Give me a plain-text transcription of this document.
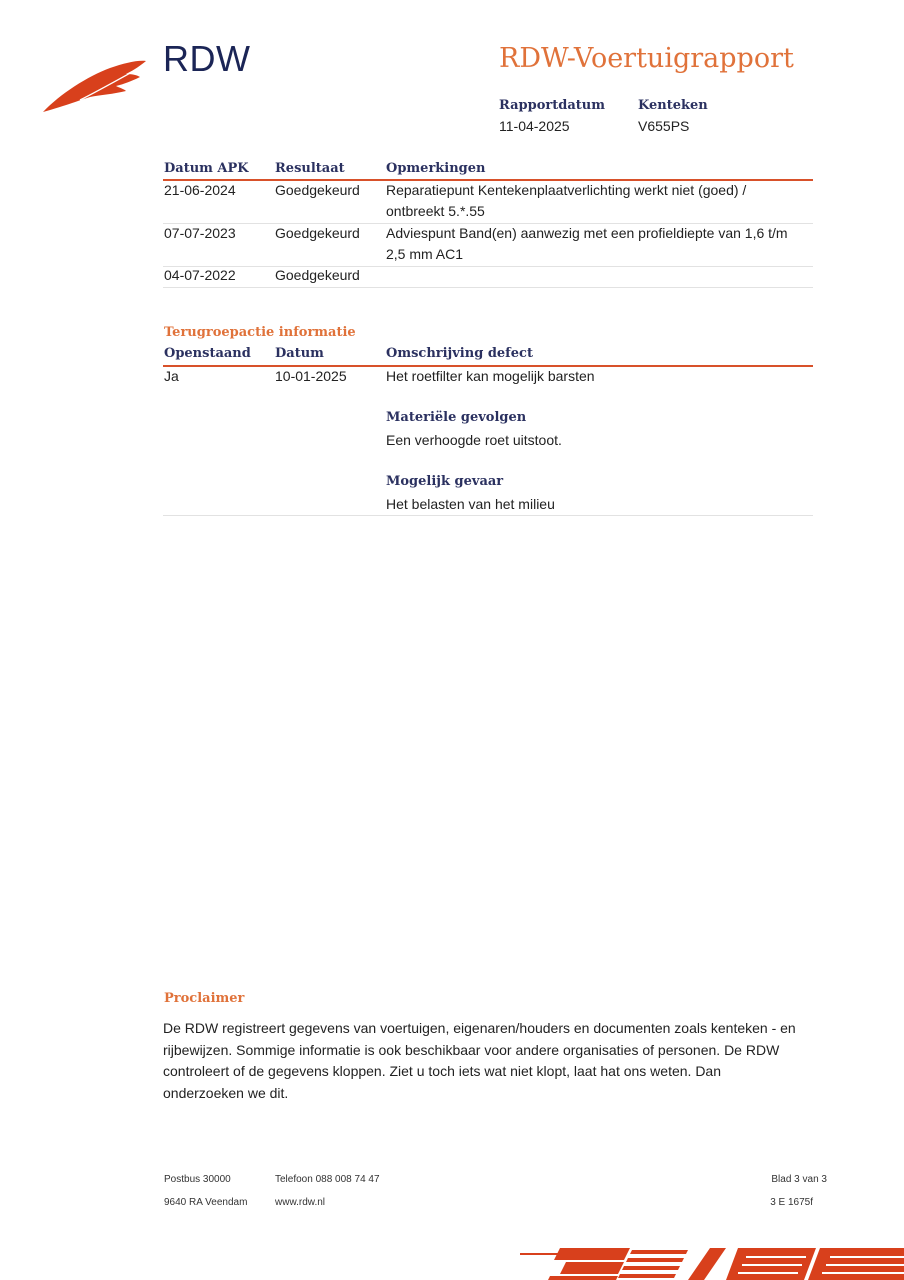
RDW	RDW-Voertuigrapport
Rapportdatum
11-04-2025
Kenteken
V655PS
Datum APK Resultaat	Opmerkingen
21-06-2024	Goedgekeurd Reparatiepunt Kentekenplaatverlichting werkt niet (goed) /
ontbreekt 5.*.55
07-07-2023	Goedgekeurd Adviespunt Band(en) aanwezig met een profieldiepte van 1,6 t/m
2,5 mm AC1
04-07-2022	Goedgekeurd
Terugroepactie informatie
Openstaand Datum	Omschrijving defect
Ja	10-01-2025	Het roetfilter kan mogelijk barsten
Materiële gevolgen
Een verhoogde roet uitstoot.
Mogelijk gevaar
Het belasten van het milieu
Proclaimer
De RDW registreert gegevens van voertuigen, eigenaren/houders en documenten zoals kenteken - en rijbewijzen. Sommige informatie is ook beschikbaar voor andere organisaties of personen. De RDW controleert of de gegevens kloppen. Ziet u toch iets wat niet klopt, laat hat ons weten. Dan onderzoeken we dit.
Postbus 30000
9640 RA Veendam
Telefoon 088 008 74 47
www.rdw.nl
Blad 3 van 3
3 E 1675f
